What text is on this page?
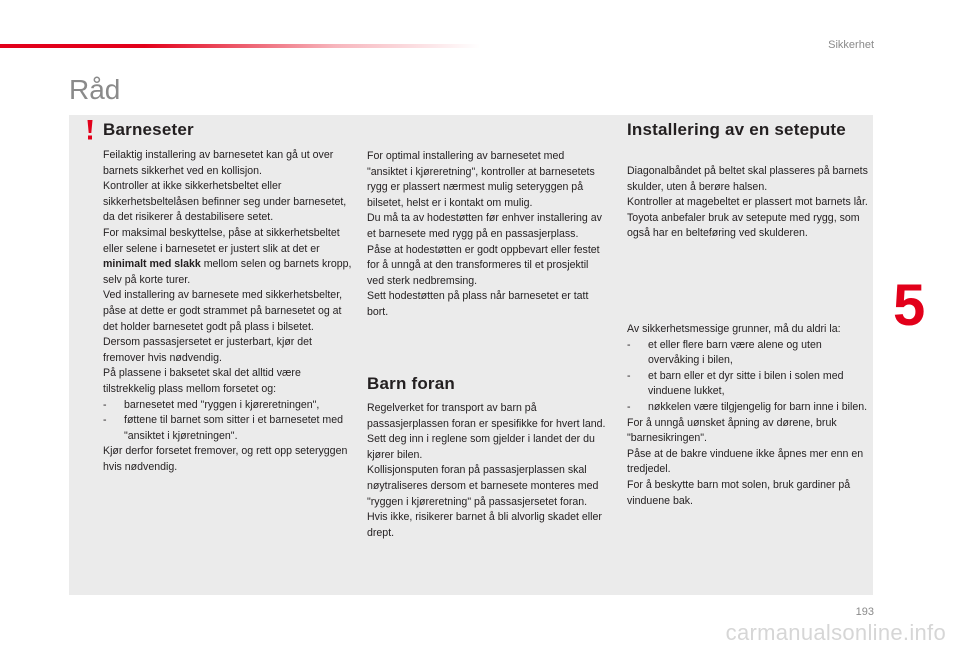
Sikkerhet
Råd
Barneseter	Installering av en setepute
Feilaktig installering av barnesetet kan gå ut over barnets sikkerhet ved en kollisjon.
Kontroller at ikke sikkerhetsbeltet eller sikkerhetsbeltelåsen befinner seg under barnesetet, da det risikerer å destabilisere setet.
For maksimal beskyttelse, påse at sikkerhetsbeltet eller selene i barnesetet er justert slik at det er minimalt med slakk mellom selen og barnets kropp, selv på korte turer.
Ved installering av barnesete med sikkerhetsbelter, påse at dette er godt strammet på barnesetet og at det holder barnesetet godt på plass i bilsetet. Dersom passasjersetet er justerbart, kjør det fremover hvis nødvendig.
På plassene i baksetet skal det alltid være tilstrekkelig plass mellom forsetet og:
-	barnesetet med "ryggen i kjøreretningen",
-	føttene til barnet som sitter i et barnesetet med "ansiktet i kjøretningen".
Kjør derfor forsetet fremover, og rett opp seteryggen hvis nødvendig.
For optimal installering av barnesetet med "ansiktet i kjøreretning", kontroller at barnesetets rygg er plassert nærmest mulig seteryggen på bilsetet, helst er i kontakt om mulig.
Du må ta av hodestøtten før enhver installering av et barnesete med rygg på en passasjerplass.
Påse at hodestøtten er godt oppbevart eller festet for å unngå at den transformeres til et prosjektil ved sterk nedbremsing.
Sett hodestøtten på plass når barnesetet er tatt bort.
Barn foran
Regelverket for transport av barn på passasjerplassen foran er spesifikke for hvert land. Sett deg inn i reglene som gjelder i landet der du kjører bilen.
Kollisjonsputen foran på passasjerplassen skal nøytraliseres dersom et barnesete monteres med "ryggen i kjøreretning" på passasjersetet foran. Hvis ikke, risikerer barnet å bli alvorlig skadet eller drept.
Diagonalbåndet på beltet skal plasseres på barnets skulder, uten å berøre halsen.
Kontroller at magebeltet er plassert mot barnets lår.
Toyota anbefaler bruk av setepute med rygg, som også har en belteføring ved skulderen.
Av sikkerhetsmessige grunner, må du aldri la:
-	et eller flere barn være alene og uten overvåking i bilen,
-	et barn eller et dyr sitte i bilen i solen med vinduene lukket,
-	nøkkelen være tilgjengelig for barn inne i bilen.
For å unngå uønsket åpning av dørene, bruk "barnesikringen".
Påse at de bakre vinduene ikke åpnes mer enn en tredjedel.
For å beskytte barn mot solen, bruk gardiner på vinduene bak.
5
193
carmanualsonline.info
